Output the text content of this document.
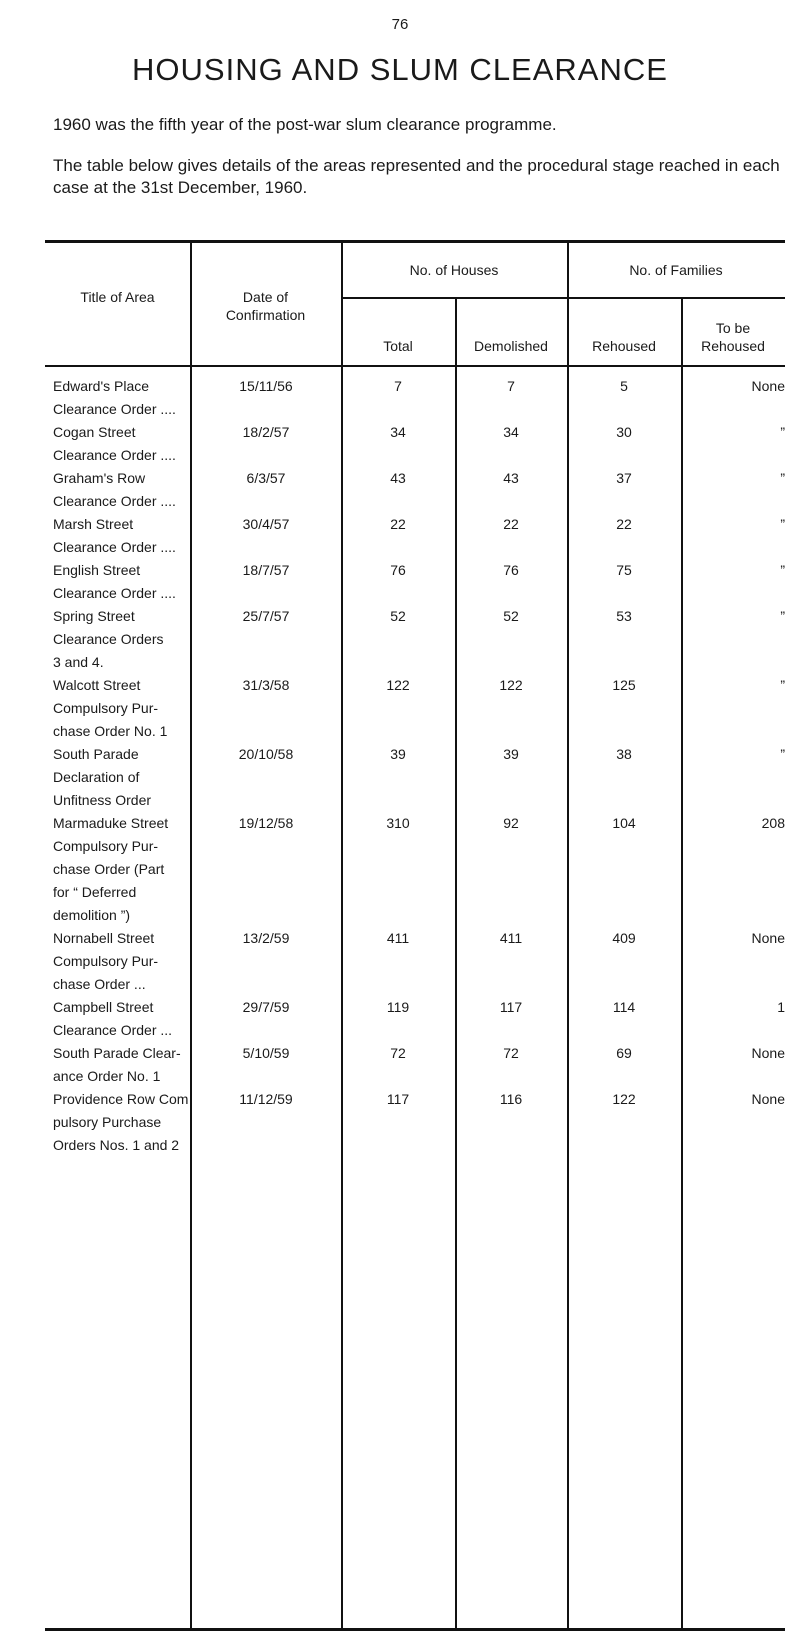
76
HOUSING AND SLUM CLEARANCE

1960 was the fifth year of the post-war slum clearance programme.

The table below gives details of the areas represented and the procedural stage reached in each case at the 31st December, 1960.

Title of Area	Date of
Confirmation
No. of Houses	No. of Families
Total	Demolished	Rehoused
To be
Rehoused
Edward's Place
Clearance Order ....
15/11/56	7	7	5	None
Cogan Street
Clearance Order ....
18/2/57	34	34	30	”
Graham's Row
Clearance Order ....
6/3/57	43	43	37	”
Marsh Street
Clearance Order ....
30/4/57	22	22	22	”
English Street
Clearance Order ....
18/7/57	76	76	75	”
Spring Street
Clearance Orders
3 and 4.
25/7/57	52	52	53	”
Walcott Street
Compulsory Pur-
chase Order No. 1
31/3/58	122	122	125	”
South Parade
Declaration of
Unfitness Order
20/10/58	39	39	38	”
Marmaduke Street
Compulsory Pur-
chase Order (Part
for “ Deferred
demolition ”)
19/12/58	310	92	104	208
Nornabell Street
Compulsory Pur-
chase Order ...
13/2/59	411	411	409	None
Campbell Street
Clearance Order ...
29/7/59	119	117	114	1
South Parade Clear-
ance Order No. 1
5/10/59	72	72	69	None
Providence Row Com
pulsory Purchase
Orders Nos. 1 and 2
11/12/59	117	116	122	None
